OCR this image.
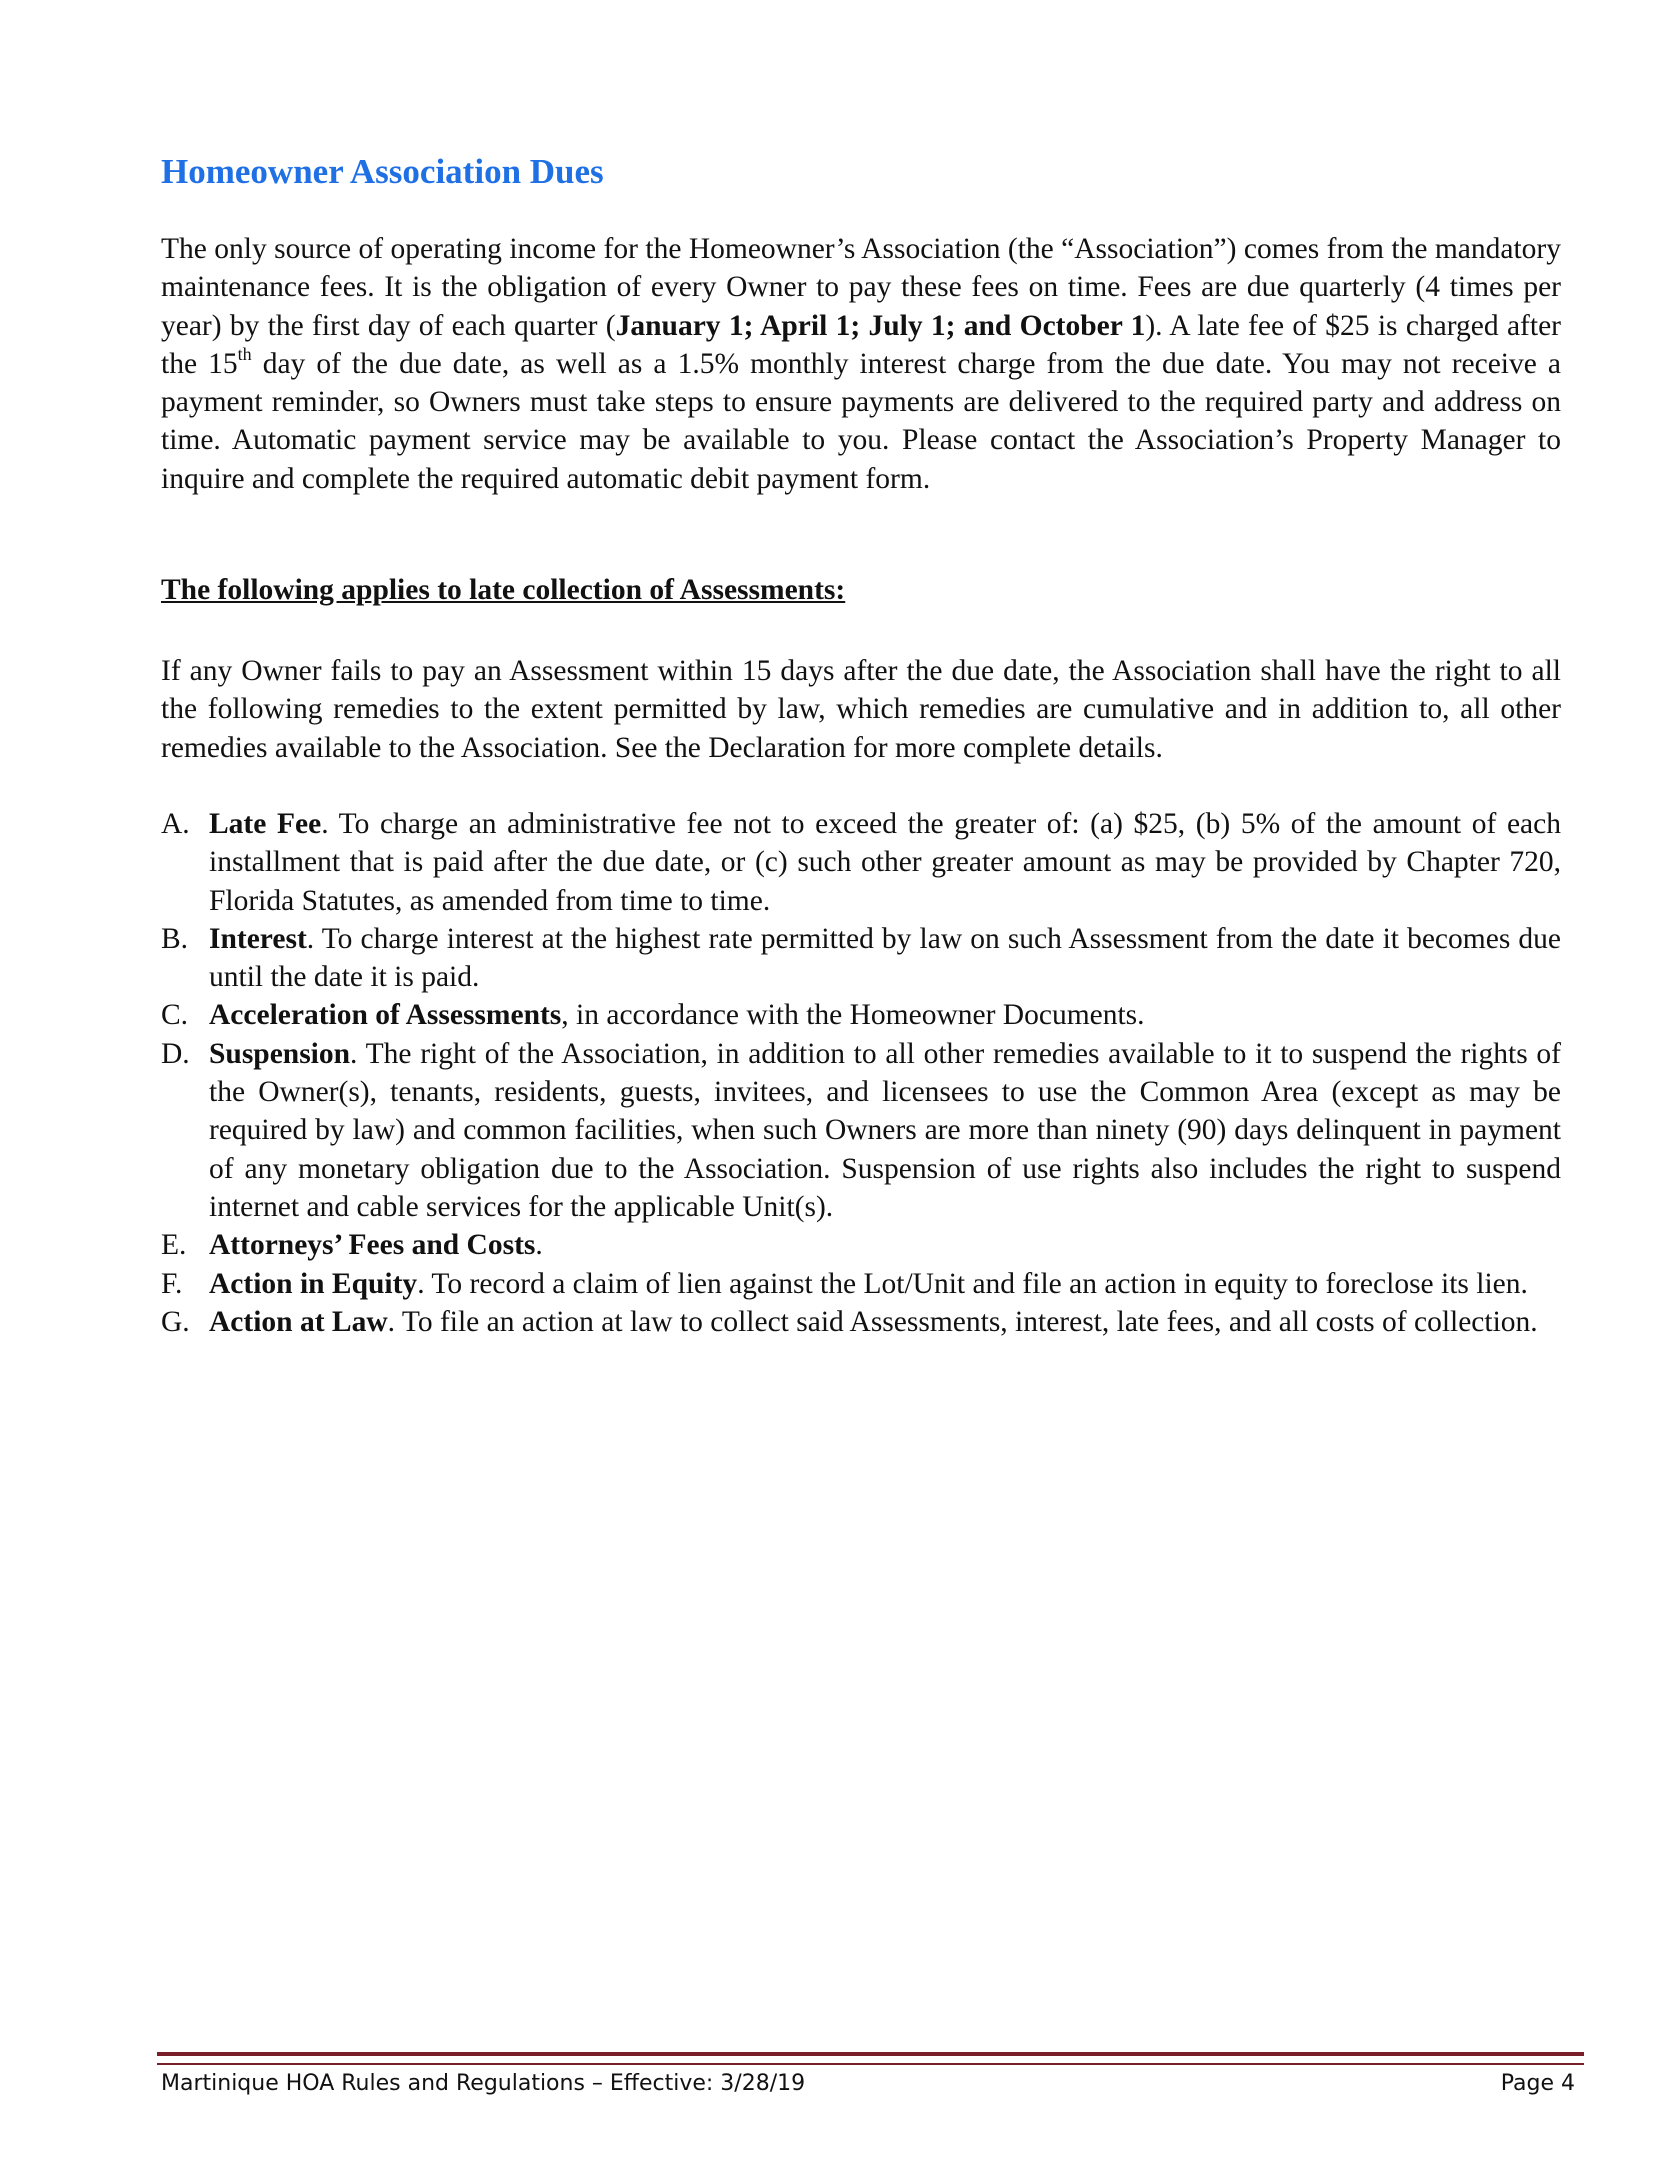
Homeowner Association Dues

The only source of operating income for the Homeowner’s Association (the “Association”) comes from the mandatory maintenance fees. It is the obligation of every Owner to pay these fees on time. Fees are due quarterly (4 times per year) by the first day of each quarter (January 1; April 1; July 1; and October 1). A late fee of $25 is charged after the 15th day of the due date, as well as a 1.5% monthly interest charge from the due date. You may not receive a payment reminder, so Owners must take steps to ensure payments are delivered to the required party and address on time. Automatic payment service may be available to you. Please contact the Association’s Property Manager to inquire and complete the required automatic debit payment form.

The following applies to late collection of Assessments:

If any Owner fails to pay an Assessment within 15 days after the due date, the Association shall have the right to all the following remedies to the extent permitted by law, which remedies are cumulative and in addition to, all other remedies available to the Association. See the Declaration for more complete details.

A. Late Fee. To charge an administrative fee not to exceed the greater of: (a) $25, (b) 5% of the amount of each installment that is paid after the due date, or (c) such other greater amount as may be provided by Chapter 720, Florida Statutes, as amended from time to time.
B. Interest. To charge interest at the highest rate permitted by law on such Assessment from the date it becomes due until the date it is paid.
C. Acceleration of Assessments, in accordance with the Homeowner Documents.
D. Suspension. The right of the Association, in addition to all other remedies available to it to suspend the rights of the Owner(s), tenants, residents, guests, invitees, and licensees to use the Common Area (except as may be required by law) and common facilities, when such Owners are more than ninety (90) days delinquent in payment of any monetary obligation due to the Association. Suspension of use rights also includes the right to suspend internet and cable services for the applicable Unit(s).
E. Attorneys’ Fees and Costs.
F. Action in Equity. To record a claim of lien against the Lot/Unit and file an action in equity to foreclose its lien.
G. Action at Law. To file an action at law to collect said Assessments, interest, late fees, and all costs of collection.
Martinique HOA Rules and Regulations – Effective: 3/28/19	Page 4
